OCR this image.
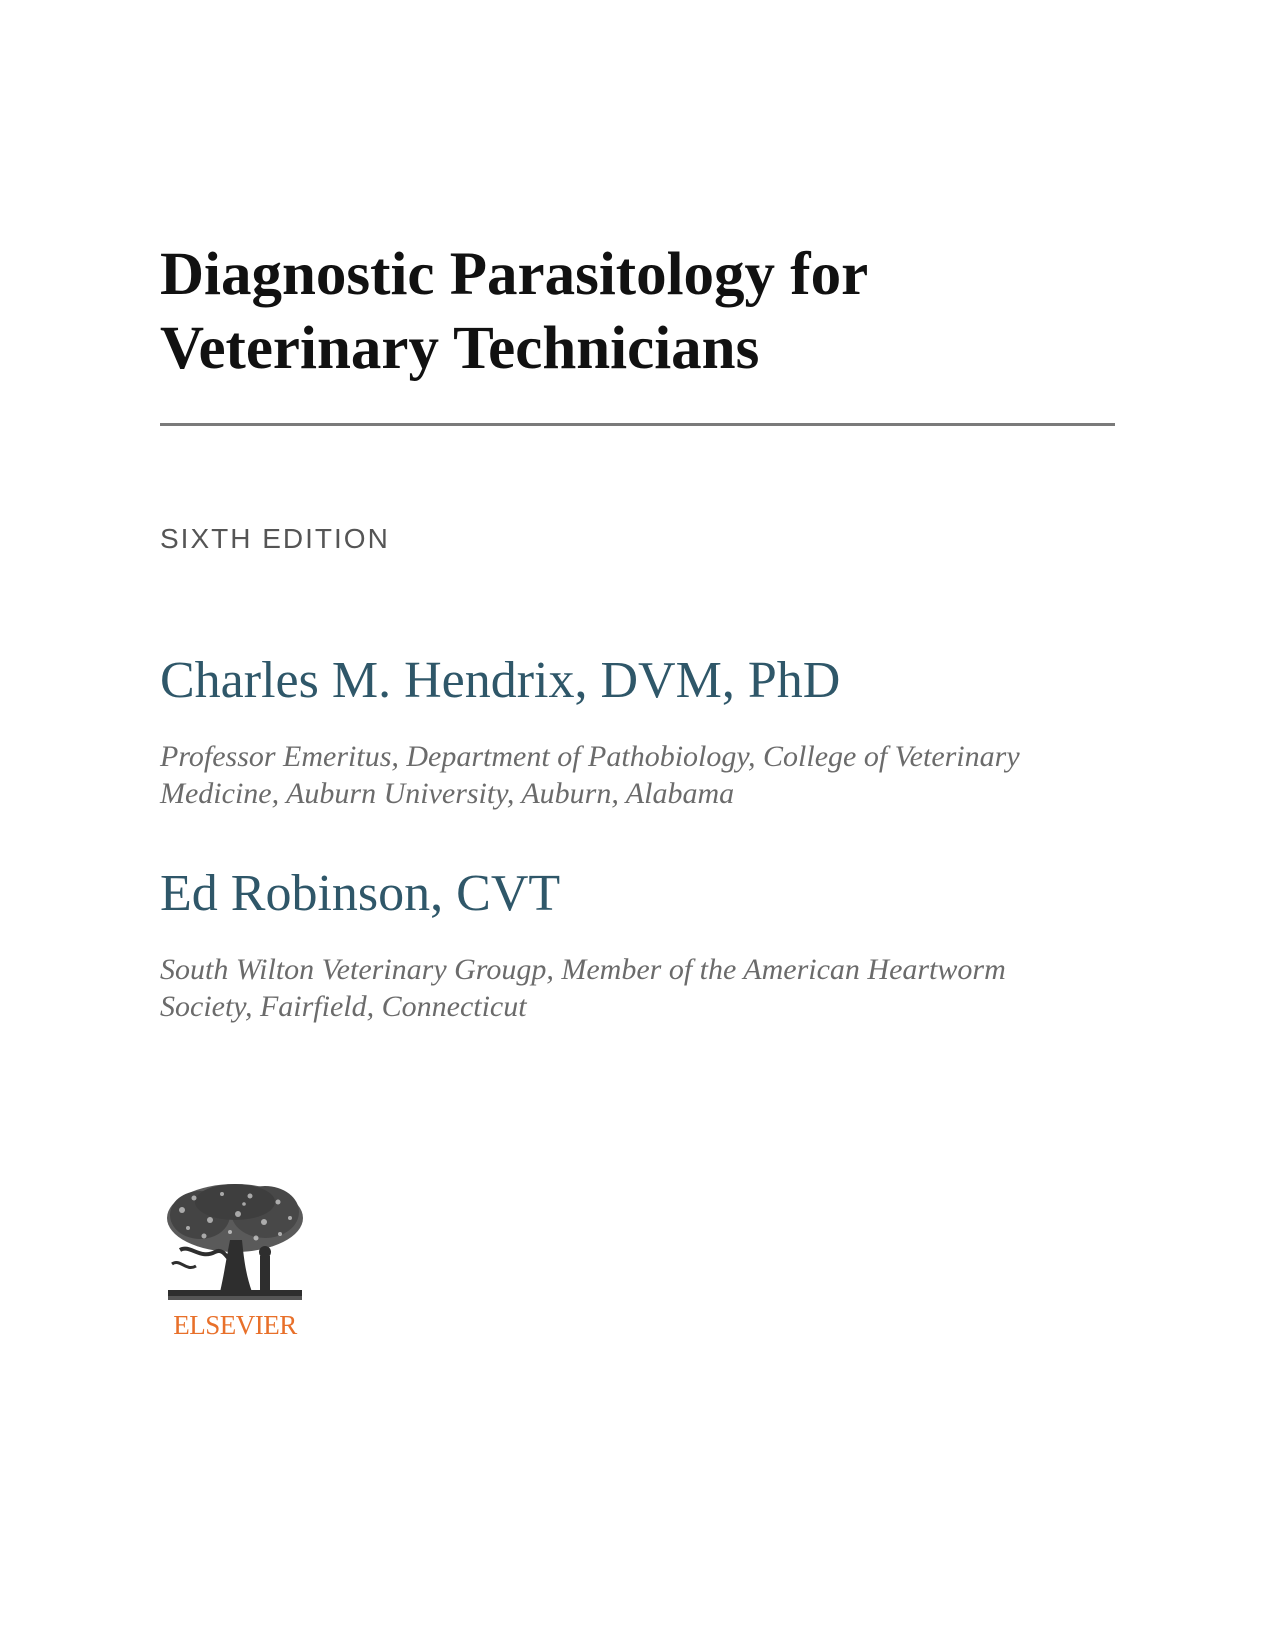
Diagnostic Parasitology for
Veterinary Technicians
SIXTH EDITION
Charles M. Hendrix, DVM, PhD
Professor Emeritus, Department of Pathobiology, College of Veterinary
Medicine, Auburn University, Auburn, Alabama
Ed Robinson, CVT
South Wilton Veterinary Grougp, Member of the American Heartworm
Society, Fairfield, Connecticut
ELSEVIER
